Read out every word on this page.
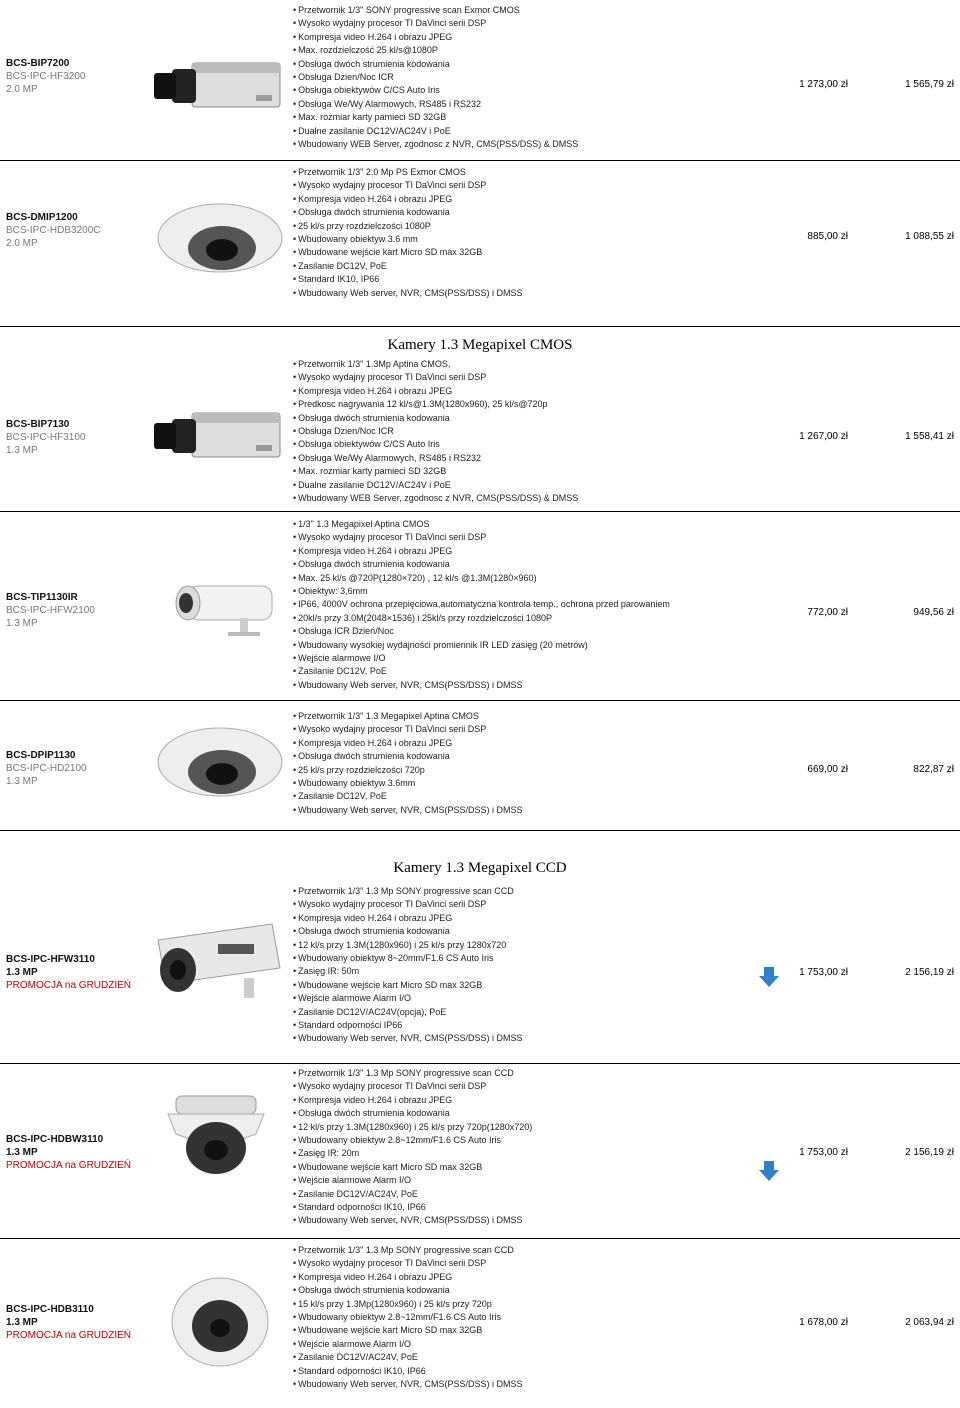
Kamery 1.3 Megapixel CMOS
Kamery 1.3 Megapixel CCD
BCS-BIP7200
BCS-IPC-HF3200
2.0 MP
• Przetwornik 1/3" SONY progressive scan Exmor CMOS
• Wysoko wydajny procesor TI DaVinci serii DSP
• Kompresja video H.264 i obrazu JPEG
• Max. rozdzielczość 25 kl/s@1080P
• Obsługa dwóch strumienia kodowania
• Obsługa Dzien/Noc ICR
• Obsługa obiektywów C/CS Auto Iris
• Obsługa We/Wy Alarmowych, RS485 i RS232
• Max. rozmiar karty pamieci SD 32GB
• Dualne zasilanie DC12V/AC24V i PoE
• Wbudowany WEB Server, zgodnosc z NVR, CMS(PSS/DSS) & DMSS
1 273,00 zł	1 565,79 zł
BCS-DMIP1200
BCS-IPC-HDB3200C
2.0 MP
• Przetwornik 1/3" 2.0 Mp PS Exmor CMOS
• Wysoko wydajny procesor TI DaVinci serii DSP
• Kompresja video H.264 i obrazu JPEG
• Obsługa dwóch strumienia kodowania
• 25 kl/s przy rozdzielczości 1080P
• Wbudowany obiektyw 3.6 mm
• Wbudowane wejście kart Micro SD max 32GB
• Zasilanie DC12V, PoE
• Standard IK10, IP66
• Wbudowany Web server, NVR, CMS(PSS/DSS) i DMSS
885,00 zł	1 088,55 zł
BCS-BIP7130
BCS-IPC-HF3100
1.3 MP
• Przetwornik 1/3" 1.3Mp Aptina CMOS,
• Wysoko wydajny procesor TI DaVinci serii DSP
• Kompresja video H.264 i obrazu JPEG
• Predkosc nagrywania 12 kl/s@1.3M(1280x960), 25 kl/s@720p
• Obsługa dwóch strumienia kodowania
• Obsługa Dzien/Noc ICR
• Obsługa obiektywów C/CS Auto Iris
• Obsługa We/Wy Alarmowych, RS485 i RS232
• Max. rozmiar karty pamieci SD 32GB
• Dualne zasilanie DC12V/AC24V i PoE
• Wbudowany WEB Server, zgodnosc z NVR, CMS(PSS/DSS) & DMSS
1 267,00 zł	1 558,41 zł
BCS-TIP1130IR
BCS-IPC-HFW2100
1.3 MP
• 1/3" 1.3 Megapixel Aptina CMOS
• Wysoko wydajny procesor TI DaVinci serii DSP
• Kompresja video H.264 i obrazu JPEG
• Obsługa dwóch strumienia kodowania
• Max. 25 kl/s @720P(1280×720) , 12 kl/s @1.3M(1280×960)
• Obiektyw: 3,6mm
• IP66, 4000V ochrona przepięciowa,automatyczna kontrola temp., ochrona przed parowaniem
• 20kl/s przy 3.0M(2048×1536) i 25kl/s przy rozdzielczości 1080P
• Obsługa ICR Dzień/Noc
• Wbudowany wysokiej wydajności promiennik IR LED zasięg (20 metrów)
• Wejście alarmowe I/O
• Zasilanie DC12V, PoE
• Wbudowany Web server, NVR, CMS(PSS/DSS) i DMSS
772,00 zł	949,56 zł
BCS-DPIP1130
BCS-IPC-HD2100
1.3 MP
• Przetwornik 1/3" 1.3 Megapixel Aptina CMOS
• Wysoko wydajny procesor TI DaVinci serii DSP
• Kompresja video H.264 i obrazu JPEG
• Obsługa dwóch strumienia kodowania
• 25 kl/s przy rozdzielczości 720p
• Wbudowany obiektyw 3.6mm
• Zasilanie DC12V, PoE
• Wbudowany Web server, NVR, CMS(PSS/DSS) i DMSS
669,00 zł	822,87 zł
BCS-IPC-HFW3110
1.3 MP
PROMOCJA na GRUDZIEŃ
• Przetwornik 1/3" 1.3 Mp SONY progressive scan CCD
• Wysoko wydajny procesor TI DaVinci serii DSP
• Kompresja video H.264 i obrazu JPEG
• Obsługa dwóch strumienia kodowania
• 12 kl/s przy 1.3M(1280x960) i 25 kl/s przy 1280x720
• Wbudowany obiektyw 8~20mm/F1.6 CS Auto Iris
• Zasięg IR: 50m
• Wbudowane wejście kart Micro SD max 32GB
• Wejście alarmowe Alarm I/O
• Zasilanie DC12V/AC24V(opcja), PoE
• Standard odporności IP66
• Wbudowany Web server, NVR, CMS(PSS/DSS) i DMSS
1 753,00 zł	2 156,19 zł
BCS-IPC-HDBW3110
1.3 MP
PROMOCJA na GRUDZIEŃ
• Przetwornik 1/3" 1.3 Mp SONY progressive scan CCD
• Wysoko wydajny procesor TI DaVinci serii DSP
• Kompresja video H.264 i obrazu JPEG
• Obsługa dwóch strumienia kodowania
• 12 kl/s przy 1.3M(1280x960) i 25 kl/s przy 720p(1280x720)
• Wbudowany obiektyw 2.8~12mm/F1.6 CS Auto Iris
• Zasięg IR: 20m
• Wbudowane wejście kart Micro SD max 32GB
• Wejście alarmowe Alarm I/O
• Zasilanie DC12V/AC24V, PoE
• Standard odporności IK10, IP66
• Wbudowany Web server, NVR, CMS(PSS/DSS) i DMSS
1 753,00 zł	2 156,19 zł
BCS-IPC-HDB3110
1.3 MP
PROMOCJA na GRUDZIEŃ
• Przetwornik 1/3" 1.3 Mp SONY progressive scan CCD
• Wysoko wydajny procesor TI DaVinci serii DSP
• Kompresja video H.264 i obrazu JPEG
• Obsługa dwóch strumienia kodowania
• 15 kl/s przy 1.3Mp(1280x960) i 25 kl/s przy 720p
• Wbudowany obiektyw 2.8~12mm/F1.6 CS Auto Iris
• Wbudowane wejście kart Micro SD max 32GB
• Wejście alarmowe Alarm I/O
• Zasilanie DC12V/AC24V, PoE
• Standard odporności IK10, IP66
• Wbudowany Web server, NVR, CMS(PSS/DSS) i DMSS
1 678,00 zł	2 063,94 zł
